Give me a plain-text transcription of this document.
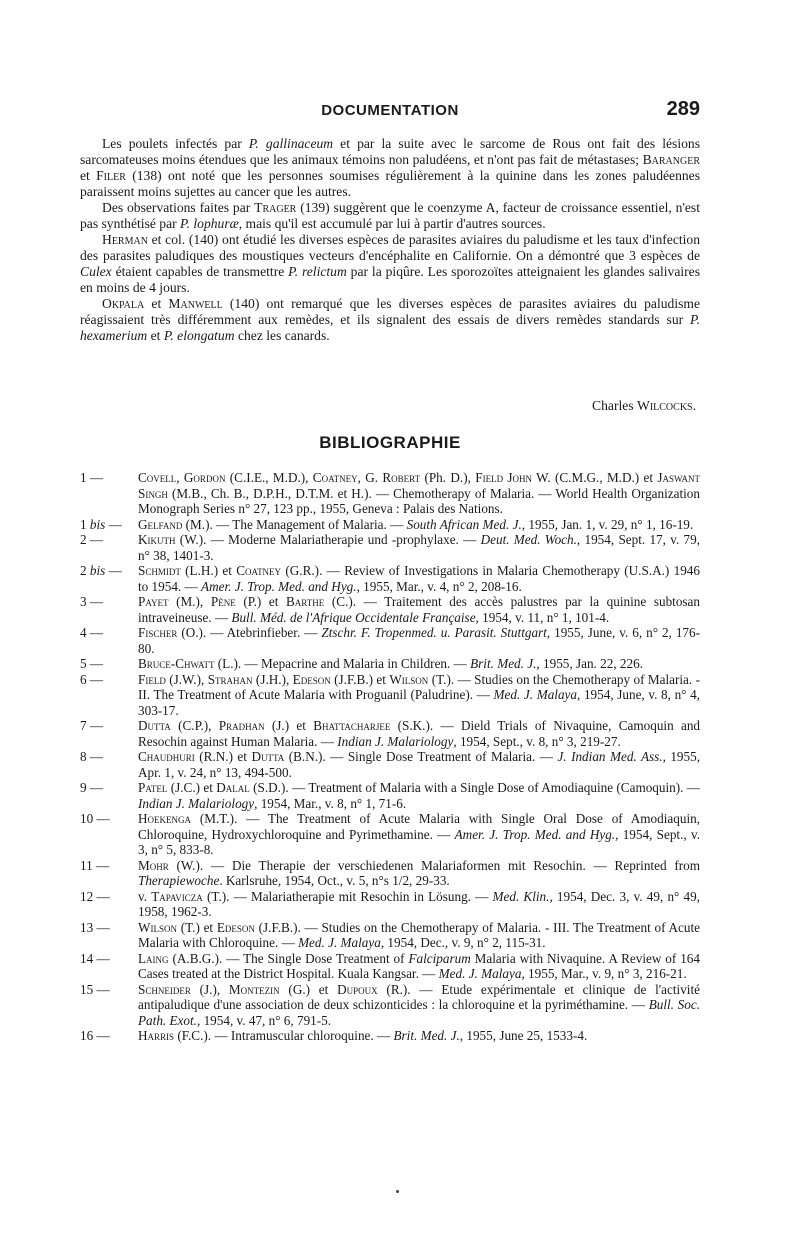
DOCUMENTATION	289

Les poulets infectés par P. gallinaceum et par la suite avec le sarcome de Rous ont fait des lésions sarcomateuses moins étendues que les animaux témoins non paludéens, et n'ont pas fait de métastases; Baranger et Filer (138) ont noté que les personnes soumises régulièrement à la quinine dans les zones paludéennes paraissent moins sujettes au cancer que les autres.

Des observations faites par Trager (139) suggèrent que le coenzyme A, facteur de croissance essentiel, n'est pas synthétisé par P. lophuræ, mais qu'il est accumulé par lui à partir d'autres sources.

Herman et col. (140) ont étudié les diverses espèces de parasites aviaires du paludisme et les taux d'infection des parasites paludiques des moustiques vecteurs d'encéphalite en Californie. On a démontré que 3 espèces de Culex étaient capables de transmettre P. relictum par la piqûre. Les sporozoïtes atteignaient les glandes salivaires en moins de 4 jours.

Okpala et Manwell (140) ont remarqué que les diverses espèces de parasites aviaires du paludisme réagissaient très différemment aux remèdes, et ils signalent des essais de divers remèdes standards sur P. hexamerium et P. elongatum chez les canards.

Charles Wilcocks.
BIBLIOGRAPHIE
1 —	Covell, Gordon (C.I.E., M.D.), Coatney, G. Robert (Ph. D.), Field John W. (C.M.G., M.D.) et Jaswant Singh (M.B., Ch. B., D.P.H., D.T.M. et H.). — Chemotherapy of Malaria. — World Health Organization Monograph Series n° 27, 123 pp., 1955, Geneva : Palais des Nations.
1 bis —	Gelfand (M.). — The Management of Malaria. — South African Med. J., 1955, Jan. 1, v. 29, n° 1, 16-19.
2 —	Kikuth (W.). — Moderne Malariatherapie und -prophylaxe. — Deut. Med. Woch., 1954, Sept. 17, v. 79, n° 38, 1401-3.
2 bis —	Schmidt (L.H.) et Coatney (G.R.). — Review of Investigations in Malaria Chemotherapy (U.S.A.) 1946 to 1954. — Amer. J. Trop. Med. and Hyg., 1955, Mar., v. 4, n° 2, 208-16.
3 —	Payet (M.), Pène (P.) et Barthe (C.). — Traitement des accès palustres par la quinine subtosan intraveineuse. — Bull. Méd. de l'Afrique Occidentale Française, 1954, v. 11, n° 1, 101-4.
4 —	Fischer (O.). — Atebrinfieber. — Ztschr. F. Tropenmed. u. Parasit. Stuttgart, 1955, June, v. 6, n° 2, 176-80.
5 —	Bruce-Chwatt (L.). — Mepacrine and Malaria in Children. — Brit. Med. J., 1955, Jan. 22, 226.
6 —	Field (J.W.), Strahan (J.H.), Edeson (J.F.B.) et Wilson (T.). — Studies on the Chemotherapy of Malaria. - II. The Treatment of Acute Malaria with Proguanil (Paludrine). — Med. J. Malaya, 1954, June, v. 8, n° 4, 303-17.
7 —	Dutta (C.P.), Pradhan (J.) et Bhattacharjee (S.K.). — Dield Trials of Nivaquine, Camoquin and Resochin against Human Malaria. — Indian J. Malariology, 1954, Sept., v. 8, n° 3, 219-27.
8 —	Chaudhuri (R.N.) et Dutta (B.N.). — Single Dose Treatment of Malaria. — J. Indian Med. Ass., 1955, Apr. 1, v. 24, n° 13, 494-500.
9 —	Patel (J.C.) et Dalal (S.D.). — Treatment of Malaria with a Single Dose of Amodiaquine (Camoquin). — Indian J. Malariology, 1954, Mar., v. 8, n° 1, 71-6.
10 —	Hoekenga (M.T.). — The Treatment of Acute Malaria with Single Oral Dose of Amodiaquin, Chloroquine, Hydroxychloroquine and Pyrimethamine. — Amer. J. Trop. Med. and Hyg., 1954, Sept., v. 3, n° 5, 833-8.
11 —	Mohr (W.). — Die Therapie der verschiedenen Malariaformen mit Resochin. — Reprinted from Therapiewoche. Karlsruhe, 1954, Oct., v. 5, n°s 1/2, 29-33.
12 —	v. Tapavicza (T.). — Malariatherapie mit Resochin in Lösung. — Med. Klin., 1954, Dec. 3, v. 49, n° 49, 1958, 1962-3.
13 —	Wilson (T.) et Edeson (J.F.B.). — Studies on the Chemotherapy of Malaria. - III. The Treatment of Acute Malaria with Chloroquine. — Med. J. Malaya, 1954, Dec., v. 9, n° 2, 115-31.
14 —	Laing (A.B.G.). — The Single Dose Treatment of Falciparum Malaria with Nivaquine. A Review of 164 Cases treated at the District Hospital. Kuala Kangsar. — Med. J. Malaya, 1955, Mar., v. 9, n° 3, 216-21.
15 —	Schneider (J.), Montezin (G.) et Dupoux (R.). — Etude expérimentale et clinique de l'activité antipaludique d'une association de deux schizonticides : la chloroquine et la pyriméthamine. — Bull. Soc. Path. Exot., 1954, v. 47, n° 6, 791-5.
16 —	Harris (F.C.). — Intramuscular chloroquine. — Brit. Med. J., 1955, June 25, 1533-4.
